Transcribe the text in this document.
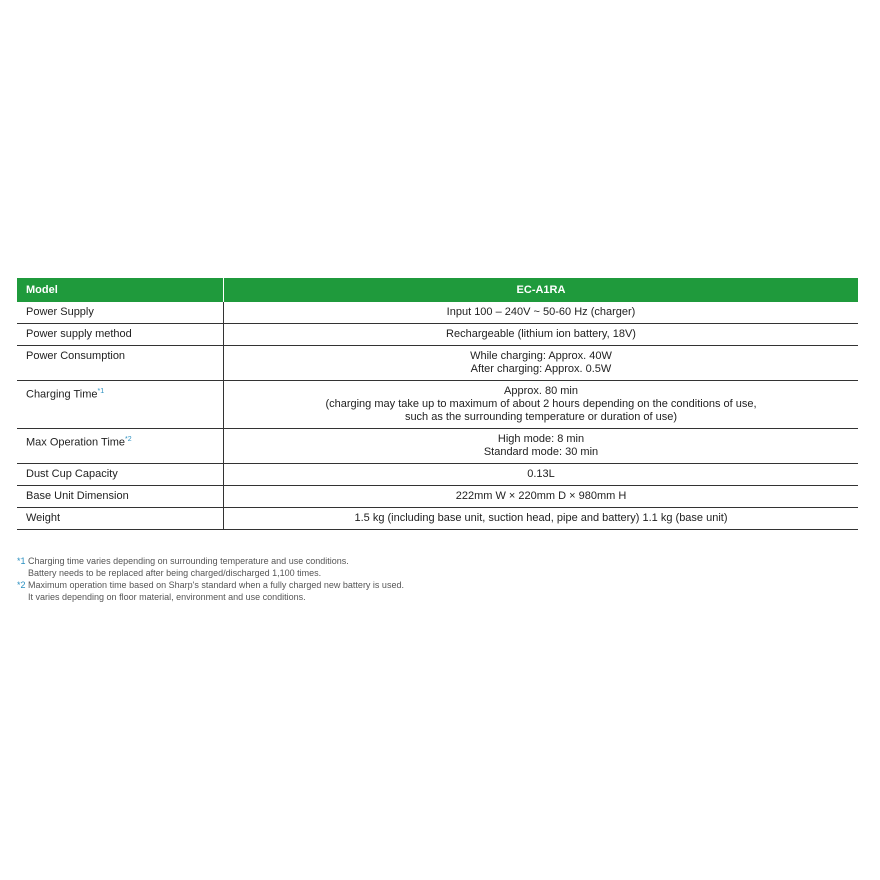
Model	EC-A1RA
Power Supply	Input 100 – 240V ~ 50-60 Hz (charger)

Power supply method	Rechargeable (lithium ion battery, 18V)

Power Consumption	While charging: Approx. 40W
After charging: Approx. 0.5W

Charging Time$^{*1}$	Approx. 80 min
(charging may take up to maximum of about 2 hours depending on the conditions of use,
such as the surrounding temperature or duration of use)

Max Operation Time$^{*2}$	High mode: 8 min
Standard mode: 30 min

Dust Cup Capacity	0.13L

Base Unit Dimension	222mm W × 220mm D × 980mm H

Weight	1.5 kg (including base unit, suction head, pipe and battery) 1.1 kg (base unit)
*1 Charging time varies depending on surrounding temperature and use conditions.
Battery needs to be replaced after being charged/discharged 1,100 times.
*2 Maximum operation time based on Sharp's standard when a fully charged new battery is used.
It varies depending on floor material, environment and use conditions.
